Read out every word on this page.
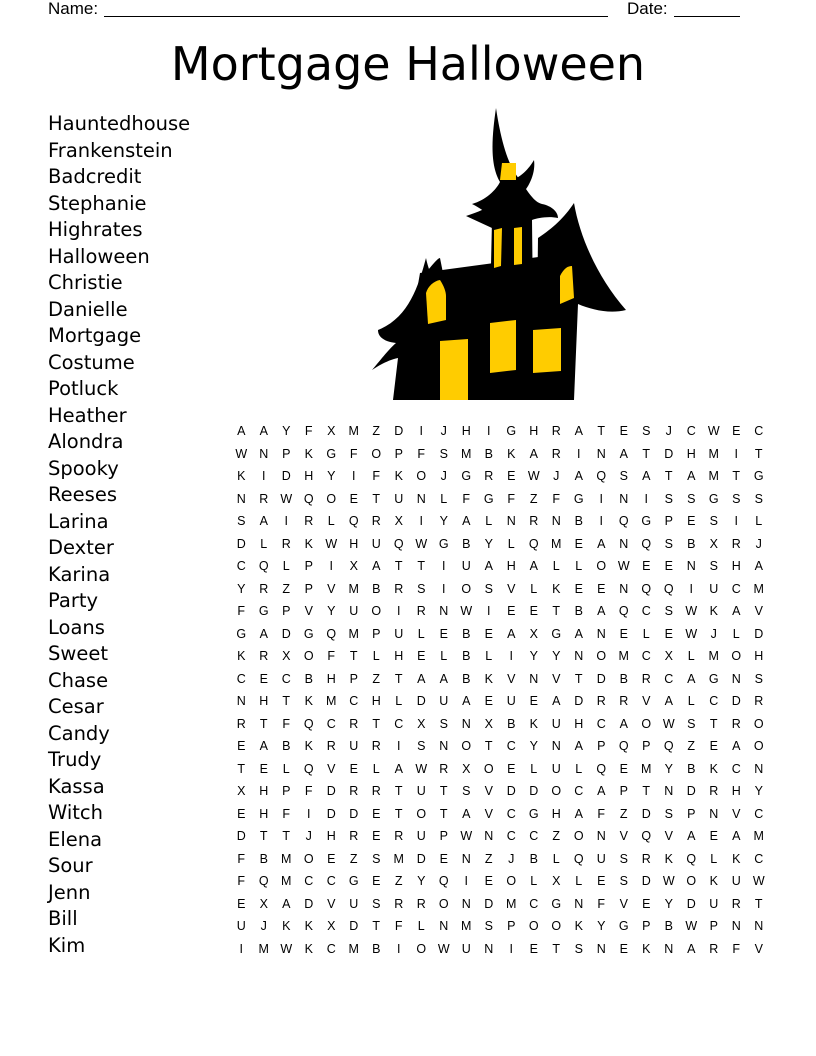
Name:	Date:
Mortgage Halloween
Hauntedhouse
Frankenstein
Badcredit
Stephanie
Highrates
Halloween
Christie
Danielle
Mortgage
Costume
Potluck
Heather
Alondra
Spooky
Reeses
Larina
Dexter
Karina
Party
Loans
Sweet
Chase
Cesar
Candy
Trudy
Kassa
Witch
Elena
Sour
Jenn
Bill
Kim
A	A	Y	F	X	M	Z	D	I	J	H	I	G	H	R	A	T	E	S	J	C W E	C
W N	P	K	G	F	O	P	F	S	M	B	K	A	R	I	N	A	T	D	H	M	I	T
K	I	D	H	Y	I	F	K	O	J	G	R	E W	J	A	Q	S	A	T	A	M	T	G
N	R W Q	O	E	T	U	N	L	F	G	F	Z	F	G	I	N	I	S	S	G	S	S
S	A	I	R	L	Q	R	X	I	Y	A	L	N	R	N	B	I	Q	G	P	E	S	I	L
D	L	R	K W H	U	Q W G	B	Y	L	Q M	E	A	N	Q	S	B	X	R	J
C	Q	L	P	I	X	A	T	T	I	U	A	H	A	L	L	O W E	E	N	S	H	A
Y	R	Z	P	V	M	B	R	S	I	O	S	V	L	K	E	E	N	Q	Q	I	U	C	M
F	G	P	V	Y	U	O	I	R	N W	I	E	E	T	B	A	Q	C	S W K	A	V
G	A	D	G	Q M	P	U	L	E	B	E	A	X	G	A	N	E	L	E W	J	L	D
K	R	X	O	F	T	L	H	E	L	B	L	I	Y	Y	N	O M	C	X	L	M O	H
C	E	C	B	H	P	Z	T	A	A	B	K	V	N	V	T	D	B	R	C	A	G	N	S
N	H	T	K	M	C	H	L	D	U	A	E	U	E	A	D	R	R	V	A	L	C	D	R
R	T	F	Q	C	R	T	C	X	S	N	X	B	K	U	H	C	A	O W S	T	R	O
E	A	B	K	R	U	R	I	S	N	O	T	C	Y	N	A	P	Q	P	Q	Z	E	A	O
T	E	L	Q	V	E	L	A W R	X	O	E	L	U	L	Q	E	M	Y	B	K	C	N
X	H	P	F	D	R	R	T	U	T	S	V	D	D	O	C	A	P	T	N	D	R	H	Y
E	H	F	I	D	D	E	T	O	T	A	V	C	G	H	A	F	Z	D	S	P	N	V	C
D	T	T	J	H	R	E	R	U	P W N	C	C	Z	O	N	V	Q	V	A	E	A	M
F	B	M O	E	Z	S	M	D	E	N	Z	J	B	L	Q	U	S	R	K	Q	L	K	C
F	Q M	C	C	G	E	Z	Y	Q	I	E	O	L	X	L	E	S	D W O	K	U W
E	X	A	D	V	U	S	R	R	O	N	D	M	C	G	N	F	V	E	Y	D	U	R	T
U	J	K	K	X	D	T	F	L	N	M	S	P	O	O	K	Y	G	P	B W P	N	N
I	M W K	C	M	B	I	O W U	N	I	E	T	S	N	E	K	N	A	R	F	V
